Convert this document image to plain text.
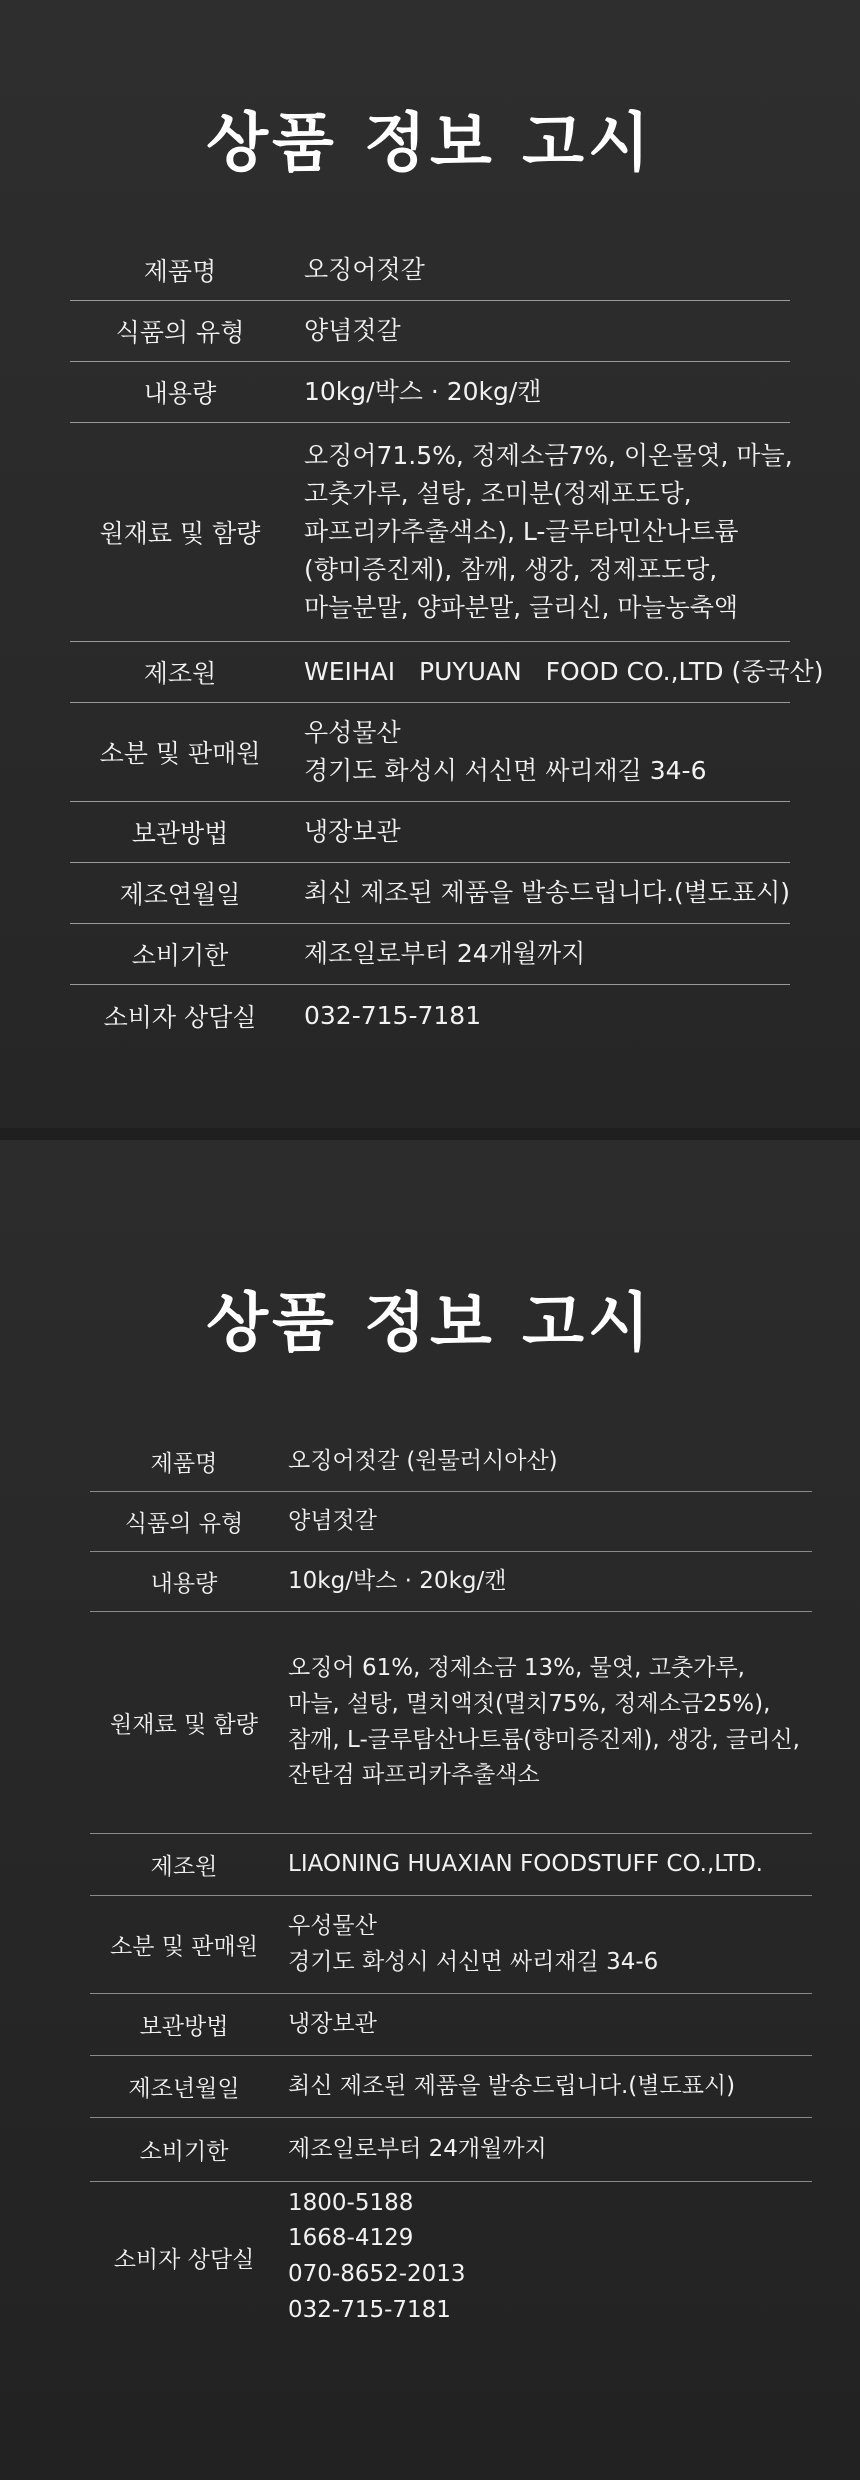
상품 정보 고시
제품명	오징어젓갈
식품의 유형	양념젓갈
내용량	10kg/박스 · 20kg/캔
원재료 및 함량
오징어71.5%, 정제소금7%, 이온물엿, 마늘,
고춧가루, 설탕, 조미분(정제포도당,
파프리카추출색소), L-글루타민산나트륨
(향미증진제), 참깨, 생강, 정제포도당,
마늘분말, 양파분말, 글리신, 마늘농축액
제조원	WEIHAI   PUYUAN   FOOD CO.,LTD (중국산)
소분 및 판매원
우성물산
경기도 화성시 서신면 싸리재길 34-6
보관방법	냉장보관
제조연월일	최신 제조된 제품을 발송드립니다.(별도표시)
소비기한	제조일로부터 24개월까지
소비자 상담실	032-715-7181
상품 정보 고시
제품명	오징어젓갈 (원물러시아산)
식품의 유형	양념젓갈
내용량	10kg/박스 · 20kg/캔
원재료 및 함량
오징어 61%, 정제소금 13%, 물엿, 고춧가루,
마늘, 설탕, 멸치액젓(멸치75%, 정제소금25%),
참깨, L-글루탐산나트륨(향미증진제), 생강, 글리신,
잔탄검 파프리카추출색소
제조원	LIAONING HUAXIAN FOODSTUFF CO.,LTD.
소분 및 판매원
우성물산
경기도 화성시 서신면 싸리재길 34-6
보관방법	냉장보관
제조년월일	최신 제조된 제품을 발송드립니다.(별도표시)
소비기한	제조일로부터 24개월까지
소비자 상담실
1800-5188
1668-4129
070-8652-2013
032-715-7181
